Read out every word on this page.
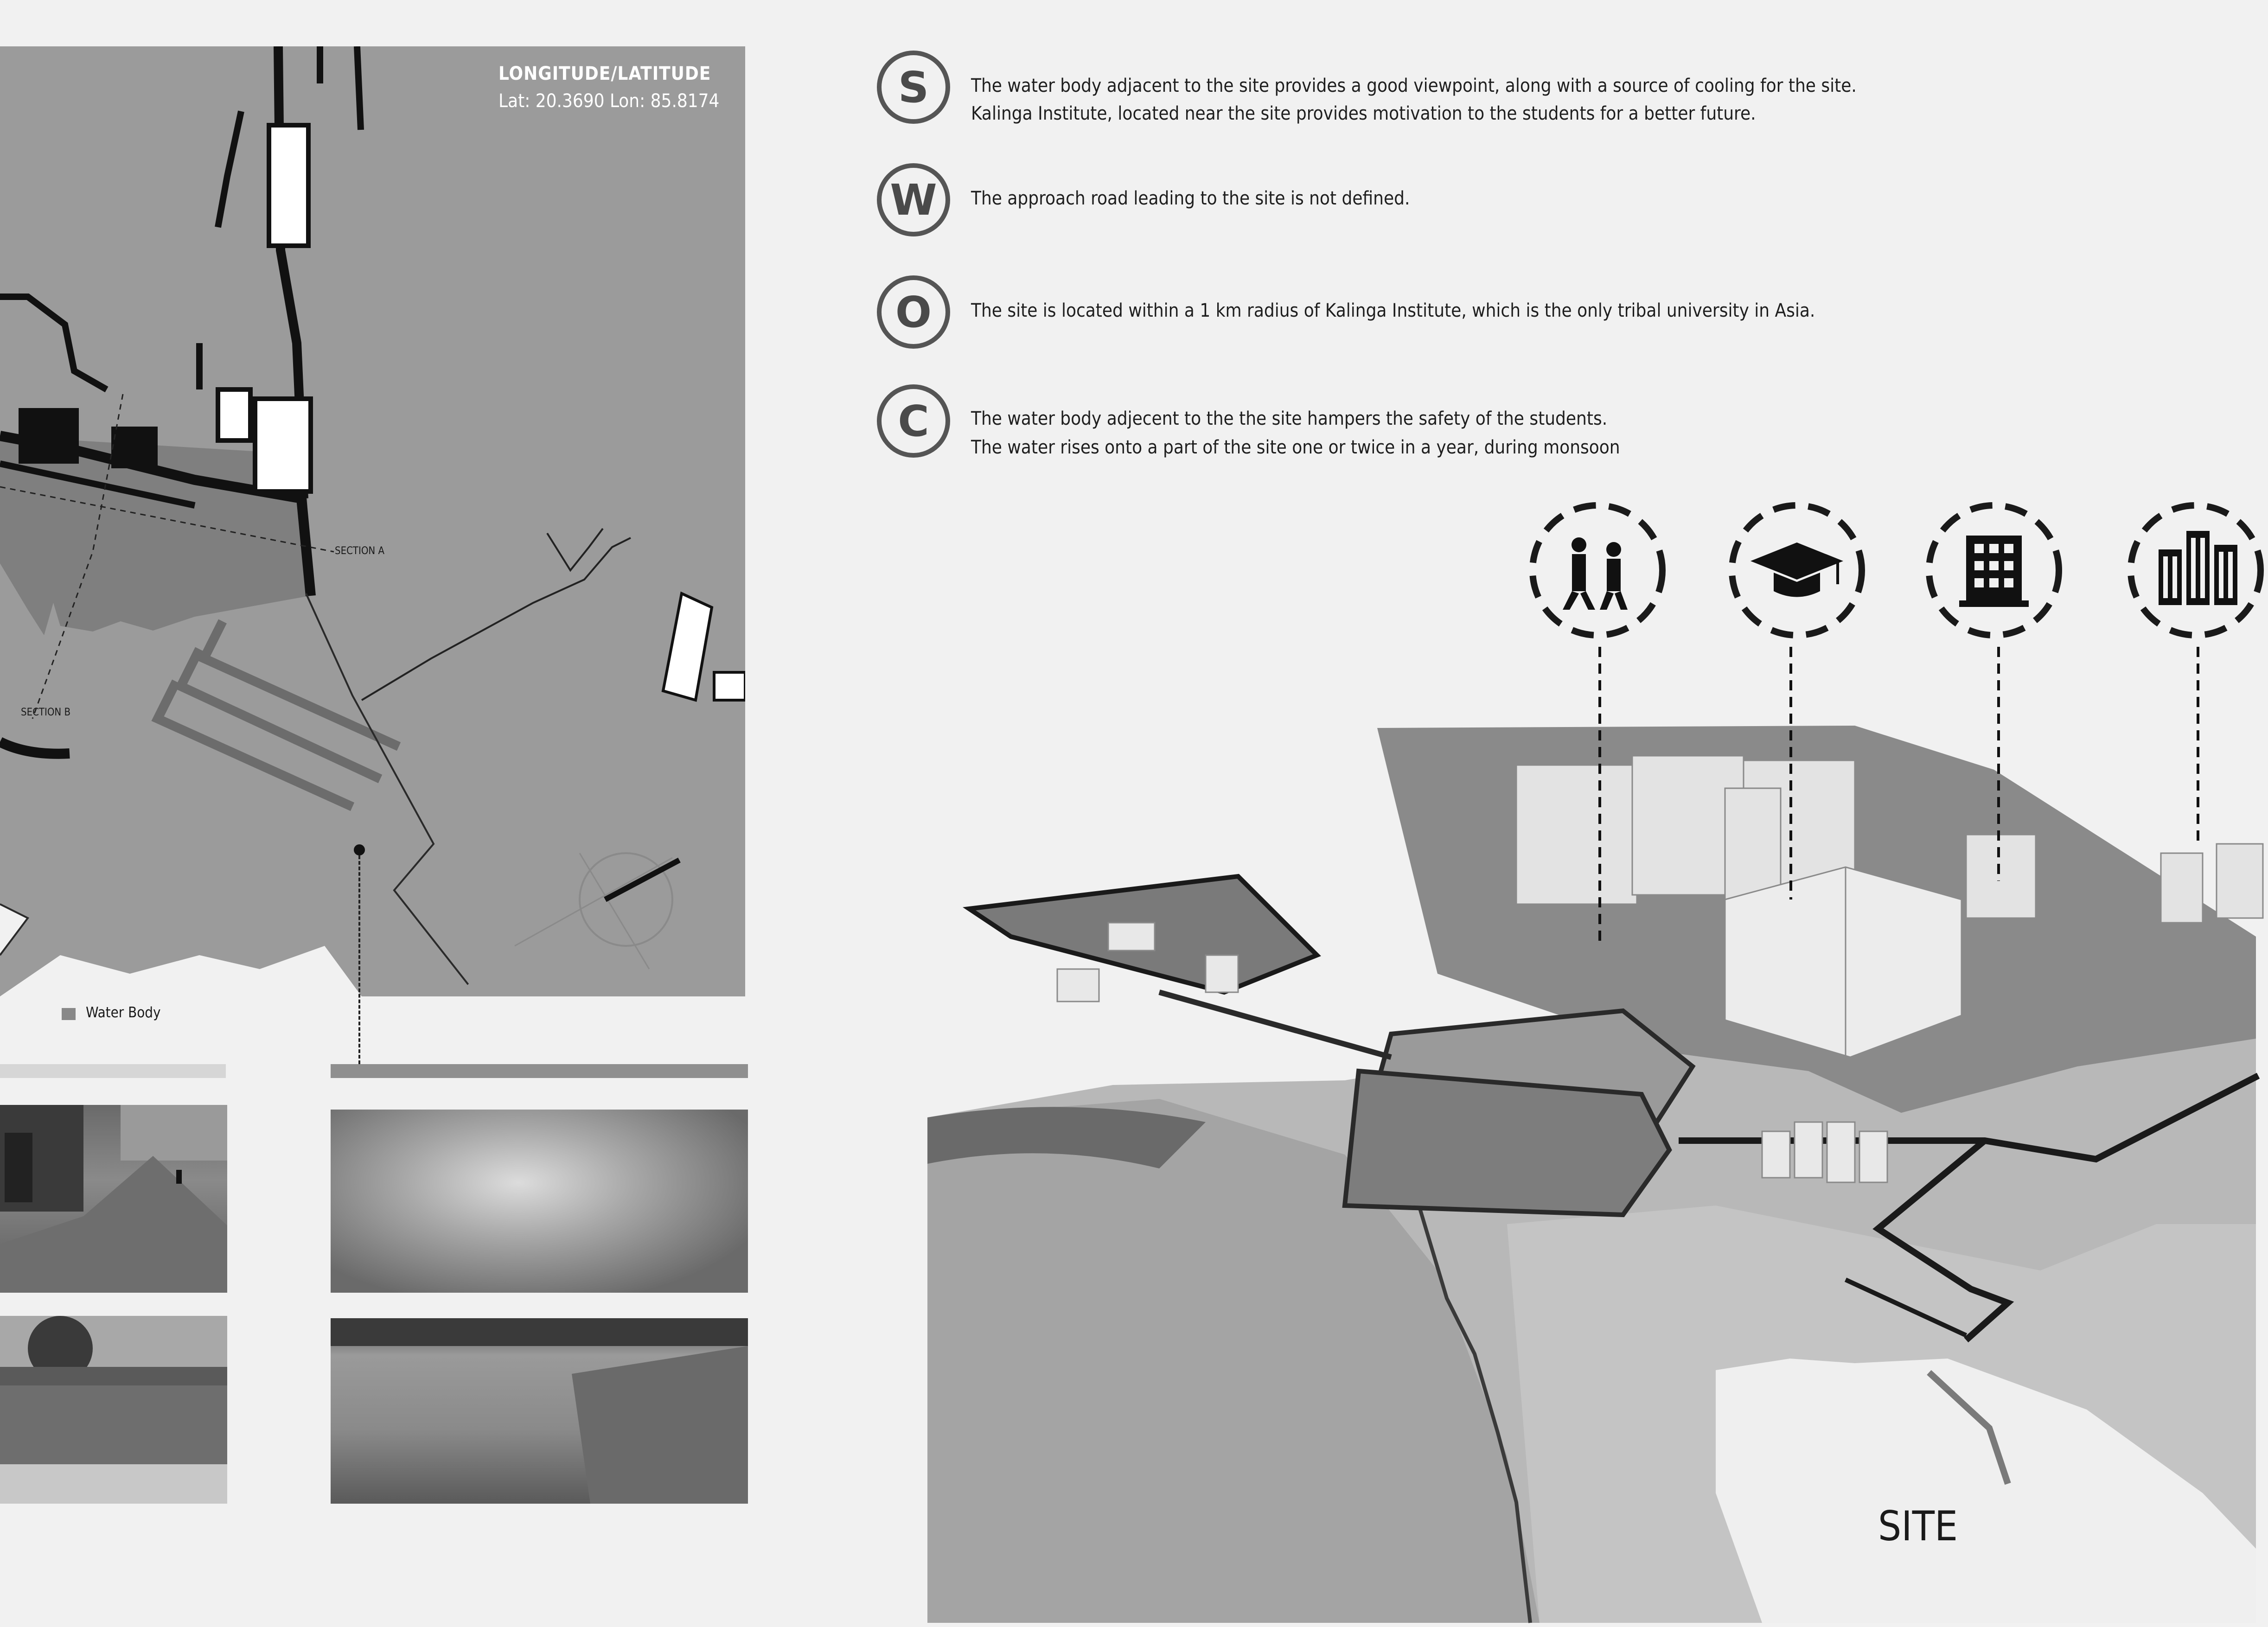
LONGITUDE/LATITUDE
Lat: 20.3690 Lon: 85.8174
SECTION A
SECTION B
Water Body
S The water body adjacent to the site provides a good viewpoint, along with a source of cooling for the site.
Kalinga Institute, located near the site provides motivation to the students for a better future.
W The approach road leading to the site is not defined.
O The site is located within a 1 km radius of Kalinga Institute, which is the only tribal university in Asia.
C The water body adjecent to the the site hampers the safety of the students.
The water rises onto a part of the site one or twice in a year, during monsoon
SITE
